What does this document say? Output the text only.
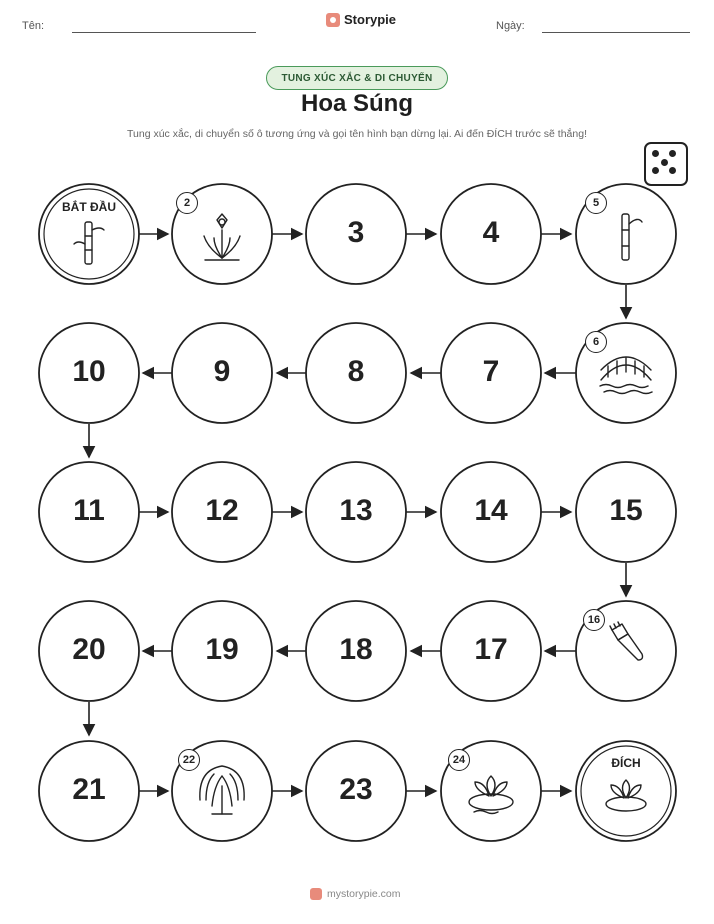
Tên:	Storypie	Ngày:
TUNG XÚC XẮC & DI CHUYỂN
Hoa Súng
Tung xúc xắc, di chuyển số ô tương ứng và gọi tên hình bạn dừng lại. Ai đến ĐÍCH trước sẽ thắng!
BẮT ĐẦU
ĐÍCH
2
3	4
5
10	9	8	7
6
11	12	13	14	15
20	19	18	17
16
21
22
23
24
mystorypie.com
